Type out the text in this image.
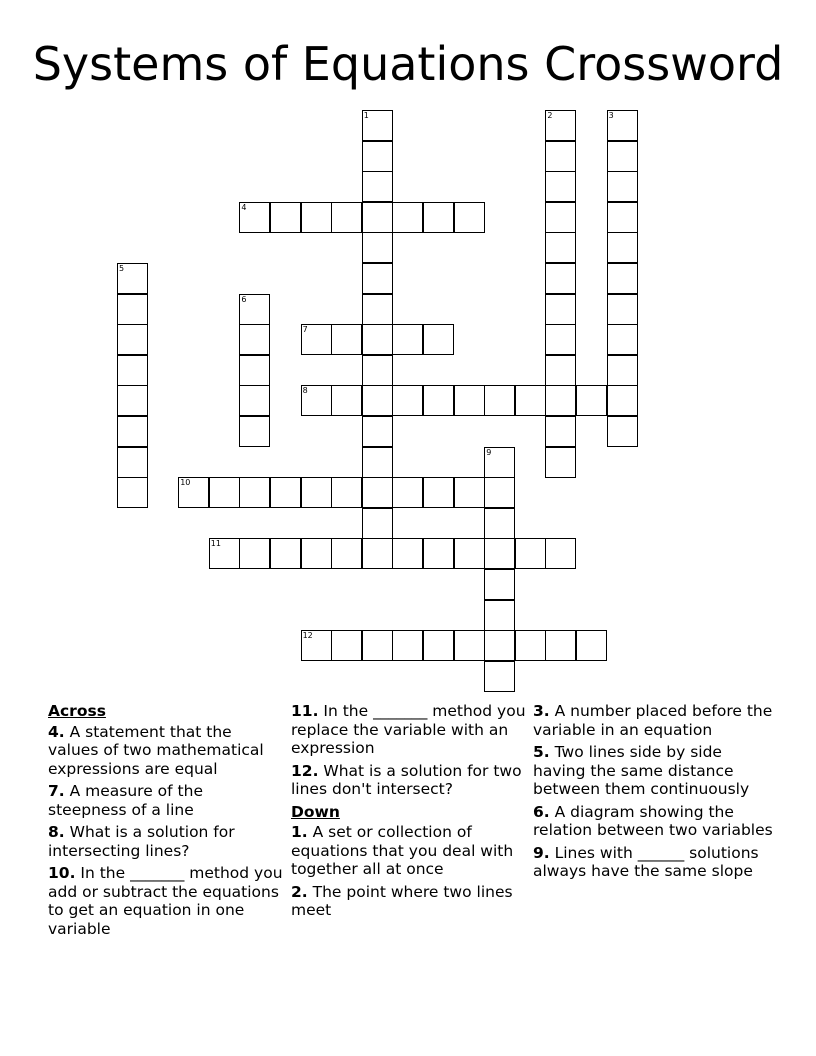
Systems of Equations Crossword
1	2	3
4
5
6
7
8
9
10
11
12
Across
4. A statement that the values of two mathematical expressions are equal
7. A measure of the steepness of a line
8. What is a solution for intersecting lines?
10. In the _______ method you add or subtract the equations to get an equation in one variable
11. In the _______ method you replace the variable with an expression
12. What is a solution for two lines don't intersect?
Down
1. A set or collection of equations that you deal with together all at once
2. The point where two lines meet
3. A number placed before the variable in an equation
5. Two lines side by side having the same distance between them continuously
6. A diagram showing the relation between two variables
9. Lines with ______ solutions always have the same slope
